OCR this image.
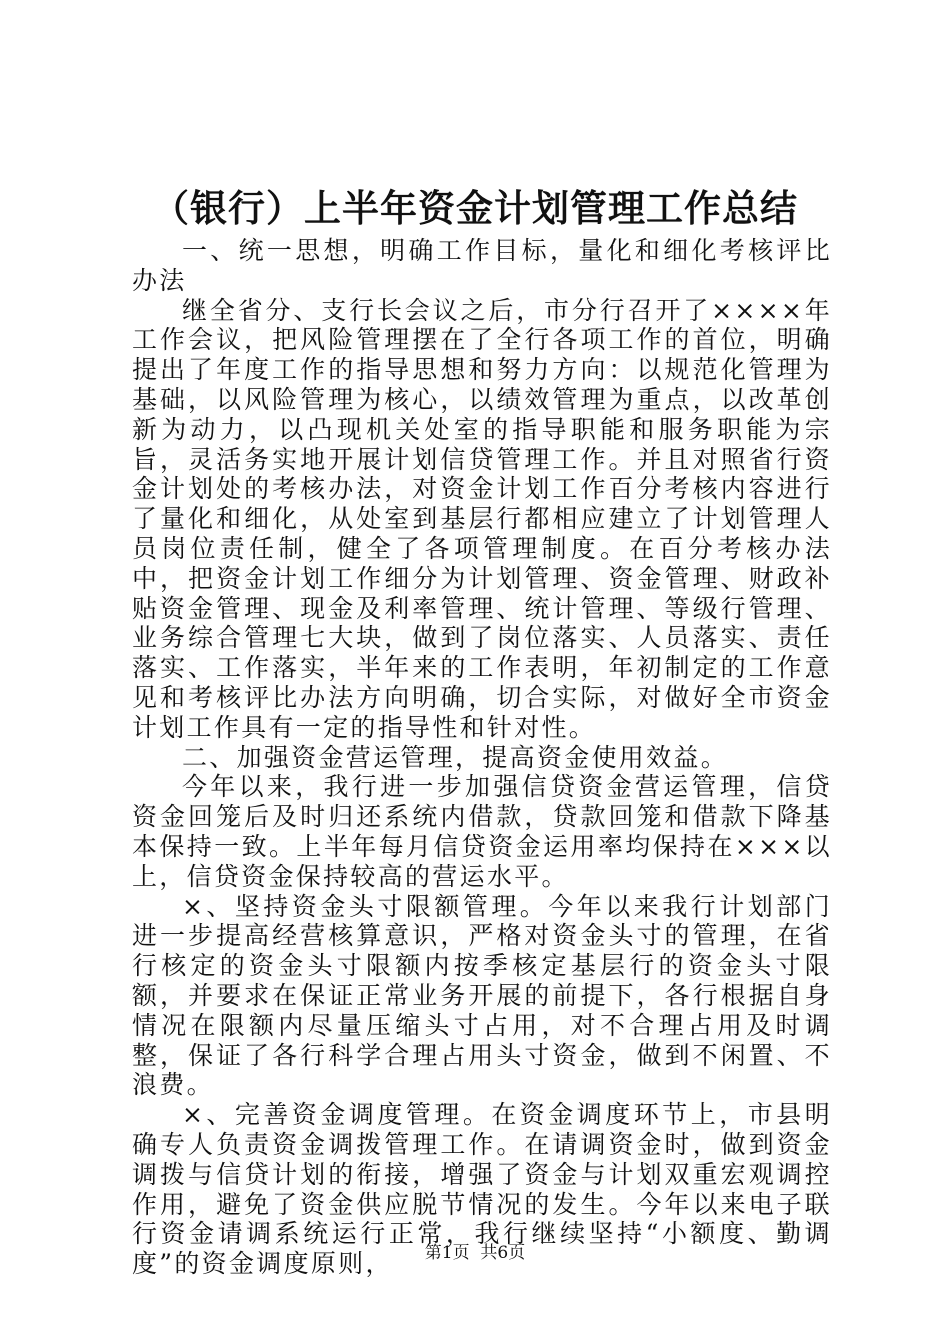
（银行）上半年资金计划管理工作总结

一、统一思想，明确工作目标，量化和细化考核评比办法

继全省分、支行长会议之后，市分行召开了××××年工作会议，把风险管理摆在了全行各项工作的首位，明确提出了年度工作的指导思想和努力方向：以规范化管理为基础，以风险管理为核心，以绩效管理为重点，以改革创新为动力，以凸现机关处室的指导职能和服务职能为宗旨，灵活务实地开展计划信贷管理工作。并且对照省行资金计划处的考核办法，对资金计划工作百分考核内容进行了量化和细化，从处室到基层行都相应建立了计划管理人员岗位责任制，健全了各项管理制度。在百分考核办法中，把资金计划工作细分为计划管理、资金管理、财政补贴资金管理、现金及利率管理、统计管理、等级行管理、业务综合管理七大块，做到了岗位落实、人员落实、责任落实、工作落实，半年来的工作表明，年初制定的工作意见和考核评比办法方向明确，切合实际，对做好全市资金计划工作具有一定的指导性和针对性。

二、加强资金营运管理，提高资金使用效益。

今年以来，我行进一步加强信贷资金营运管理，信贷资金回笼后及时归还系统内借款，贷款回笼和借款下降基本保持一致。上半年每月信贷资金运用率均保持在×××以上，信贷资金保持较高的营运水平。

×、坚持资金头寸限额管理。今年以来我行计划部门进一步提高经营核算意识，严格对资金头寸的管理，在省行核定的资金头寸限额内按季核定基层行的资金头寸限额，并要求在保证正常业务开展的前提下，各行根据自身情况在限额内尽量压缩头寸占用，对不合理占用及时调整，保证了各行科学合理占用头寸资金，做到不闲置、不浪费。

×、完善资金调度管理。在资金调度环节上，市县明确专人负责资金调拨管理工作。在请调资金时，做到资金调拨与信贷计划的衔接，增强了资金与计划双重宏观调控作用，避免了资金供应脱节情况的发生。今年以来电子联行资金请调系统运行正常，我行继续坚持“小额度、勤调度”的资金调度原则，	第1页  共6页
